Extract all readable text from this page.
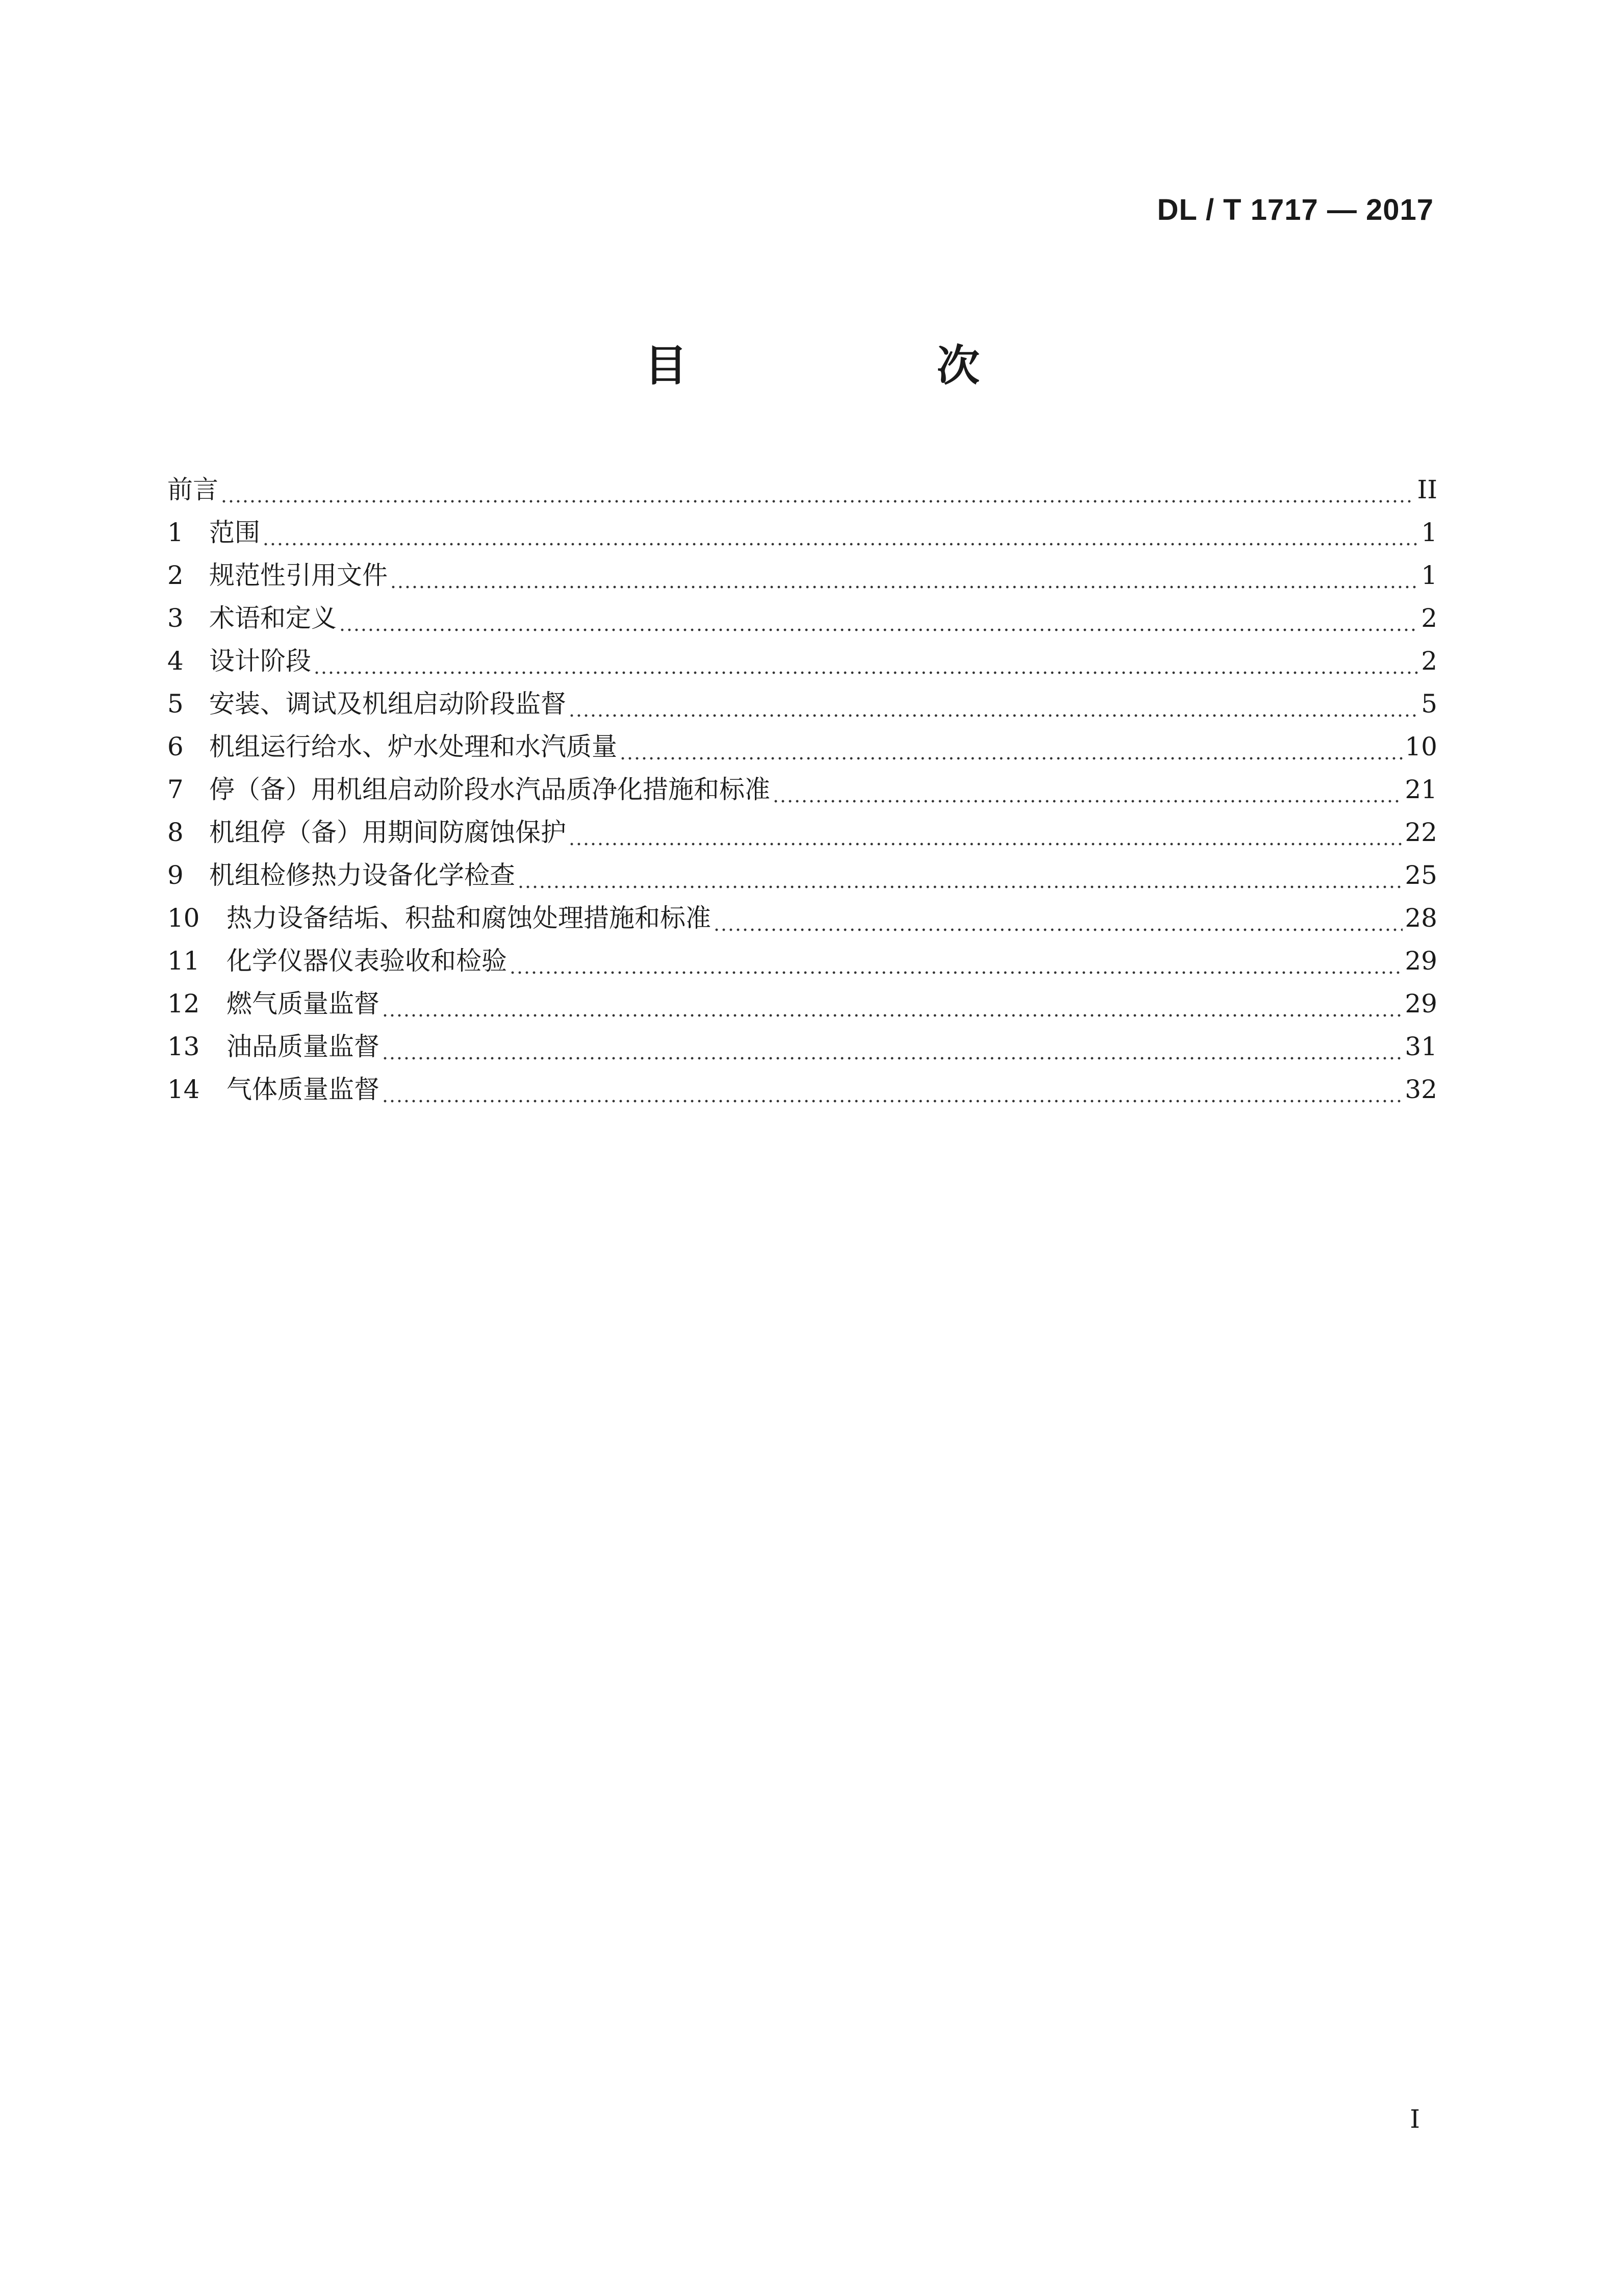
DL / T 1717 — 2017
目 次
前言	II
1	范围	1
2	规范性引用文件	1
3	术语和定义	2
4	设计阶段	2
5	安装、调试及机组启动阶段监督	5
6	机组运行给水、炉水处理和水汽质量	10
7	停（备）用机组启动阶段水汽品质净化措施和标准	21
8	机组停（备）用期间防腐蚀保护	22
9	机组检修热力设备化学检查	25
10	热力设备结垢、积盐和腐蚀处理措施和标准	28
11	化学仪器仪表验收和检验	29
12	燃气质量监督	29
13	油品质量监督	31
14	气体质量监督	32
I
